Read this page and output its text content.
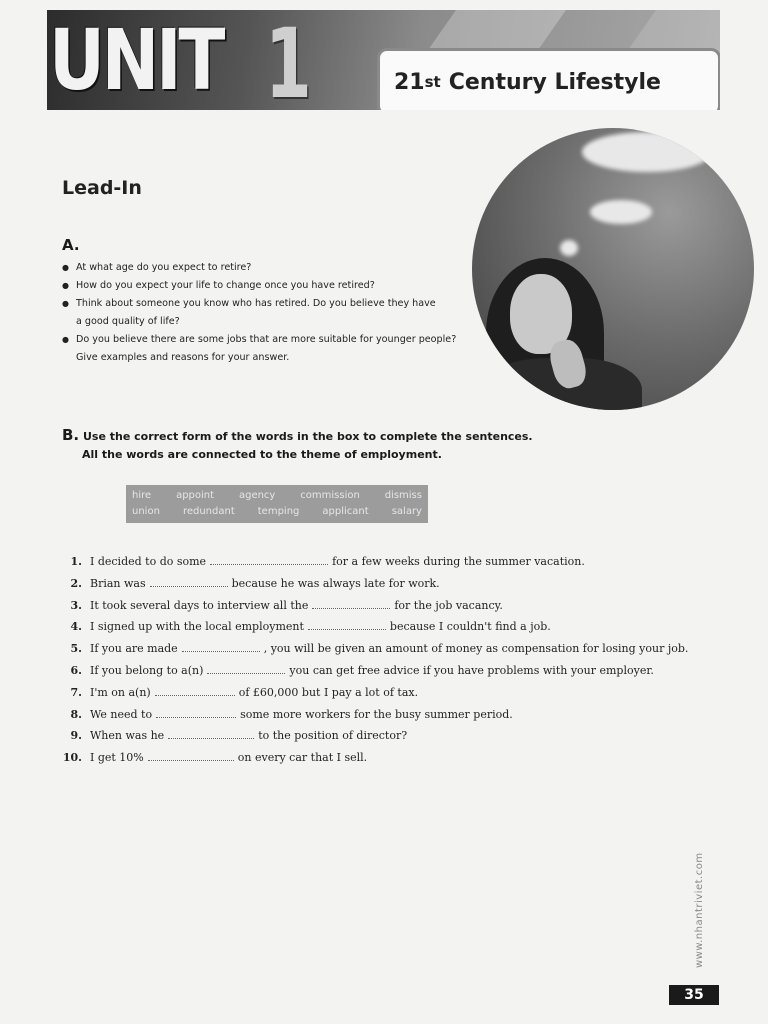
UNIT 1	21 st Century Lifestyle
Lead-In
A.
● At what age do you expect to retire?
● How do you expect your life to change once you have retired?
● Think about someone you know who has retired. Do you believe they have
a good quality of life?
● Do you believe there are some jobs that are more suitable for younger people?
Give examples and reasons for your answer.
B. Use the correct form of the words in the box to complete the sentences.

All the words are connected to the theme of employment.
hire appoint agency commission dismiss
union redundant temping applicant salary
1. I decided to do some	for a few weeks during the summer vacation.
2. Brian was	because he was always late for work.
3. It took several days to interview all the	for the job vacancy.
4. I signed up with the local employment	because I couldn't find a job.
5. If you are made	, you will be given an amount of money as compensation for losing your job.
6. If you belong to a(n)	you can get free advice if you have problems with your employer.
7. I'm on a(n)	of £60,000 but I pay a lot of tax.
8. We need to	some more workers for the busy summer period.
9. When was he	to the position of director?
10. I get 10%	on every car that I sell.
www.nhantriviet.com
35
